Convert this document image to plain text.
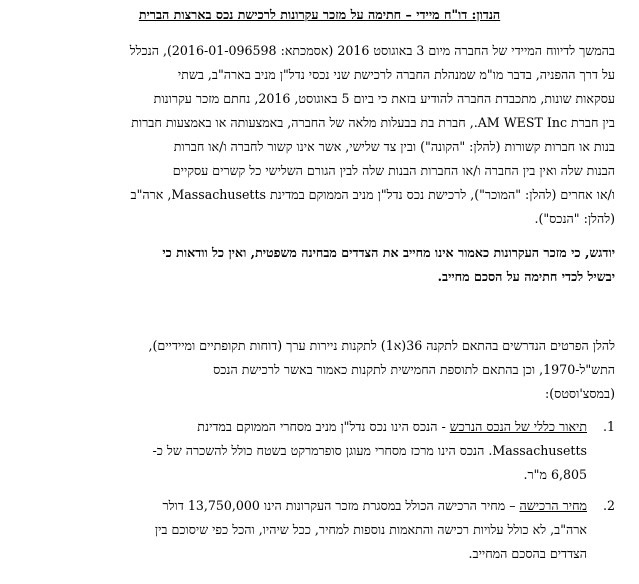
הנדון: דו"ח מיידי – חתימה על מזכר עקרונות לרכישת נכס בארצות הברית
בהמשך לדיווח המיידי של החברה מיום 3 באוגוסט 2016 (אסמכתא: 2016-01-096598), הנכלל
על דרך ההפניה, בדבר מו"מ שמנהלת החברה לרכישת שני נכסי נדל"ן מניב בארה"ב, בשתי
עסקאות שונות, מתכבדת החברה להודיע בזאת כי ביום 5 באוגוסט, 2016, נחתם מזכר עקרונות
בין חברת AM WEST Inc., חברת בת בבעלות מלאה של החברה, באמצעותה או באמצעות חברות
בנות או חברות קשורות (להלן: "הקונה") ובין צד שלישי, אשר אינו קשור לחברה ו/או חברות
הבנות שלה ואין בין החברה ו/או החברות הבנות שלה לבין הגורם השלישי כל קשרים עסקיים
ו/או אחרים (להלן: "המוכר"), לרכישת נכס נדל"ן מניב הממוקם במדינת Massachusetts, ארה"ב
(להלן: "הנכס").
יודגש, כי מזכר העקרונות כאמור אינו מחייב את הצדדים מבחינה משפטית, ואין כל וודאות כי
יבשיל לכדי חתימה על הסכם מחייב.
להלן הפרטים הנדרשים בהתאם לתקנה 36(א1) לתקנות ניירות ערך (דוחות תקופתיים ומיידיים),
התש"ל-1970, וכן בהתאם לתוספת החמישית לתקנות כאמור באשר לרכישת הנכס
(במסצ'וסטס):
1.
תיאור כללי של הנכס הנרכש - הנכס הינו נכס נדל"ן מניב מסחרי הממוקם במדינת
Massachusetts. הנכס הינו מרכז מסחרי מעוגן סופרמרקט בשטח כולל להשכרה של כ-
6,805 מ"ר.
2.
מחיר הרכישה – מחיר הרכישה הכולל במסגרת מזכר העקרונות הינו 13,750,000 דולר
ארה"ב, לא כולל עלויות רכישה והתאמות נוספות למחיר, ככל שיהיו, והכל כפי שיסוכם בין
הצדדים בהסכם המחייב.
